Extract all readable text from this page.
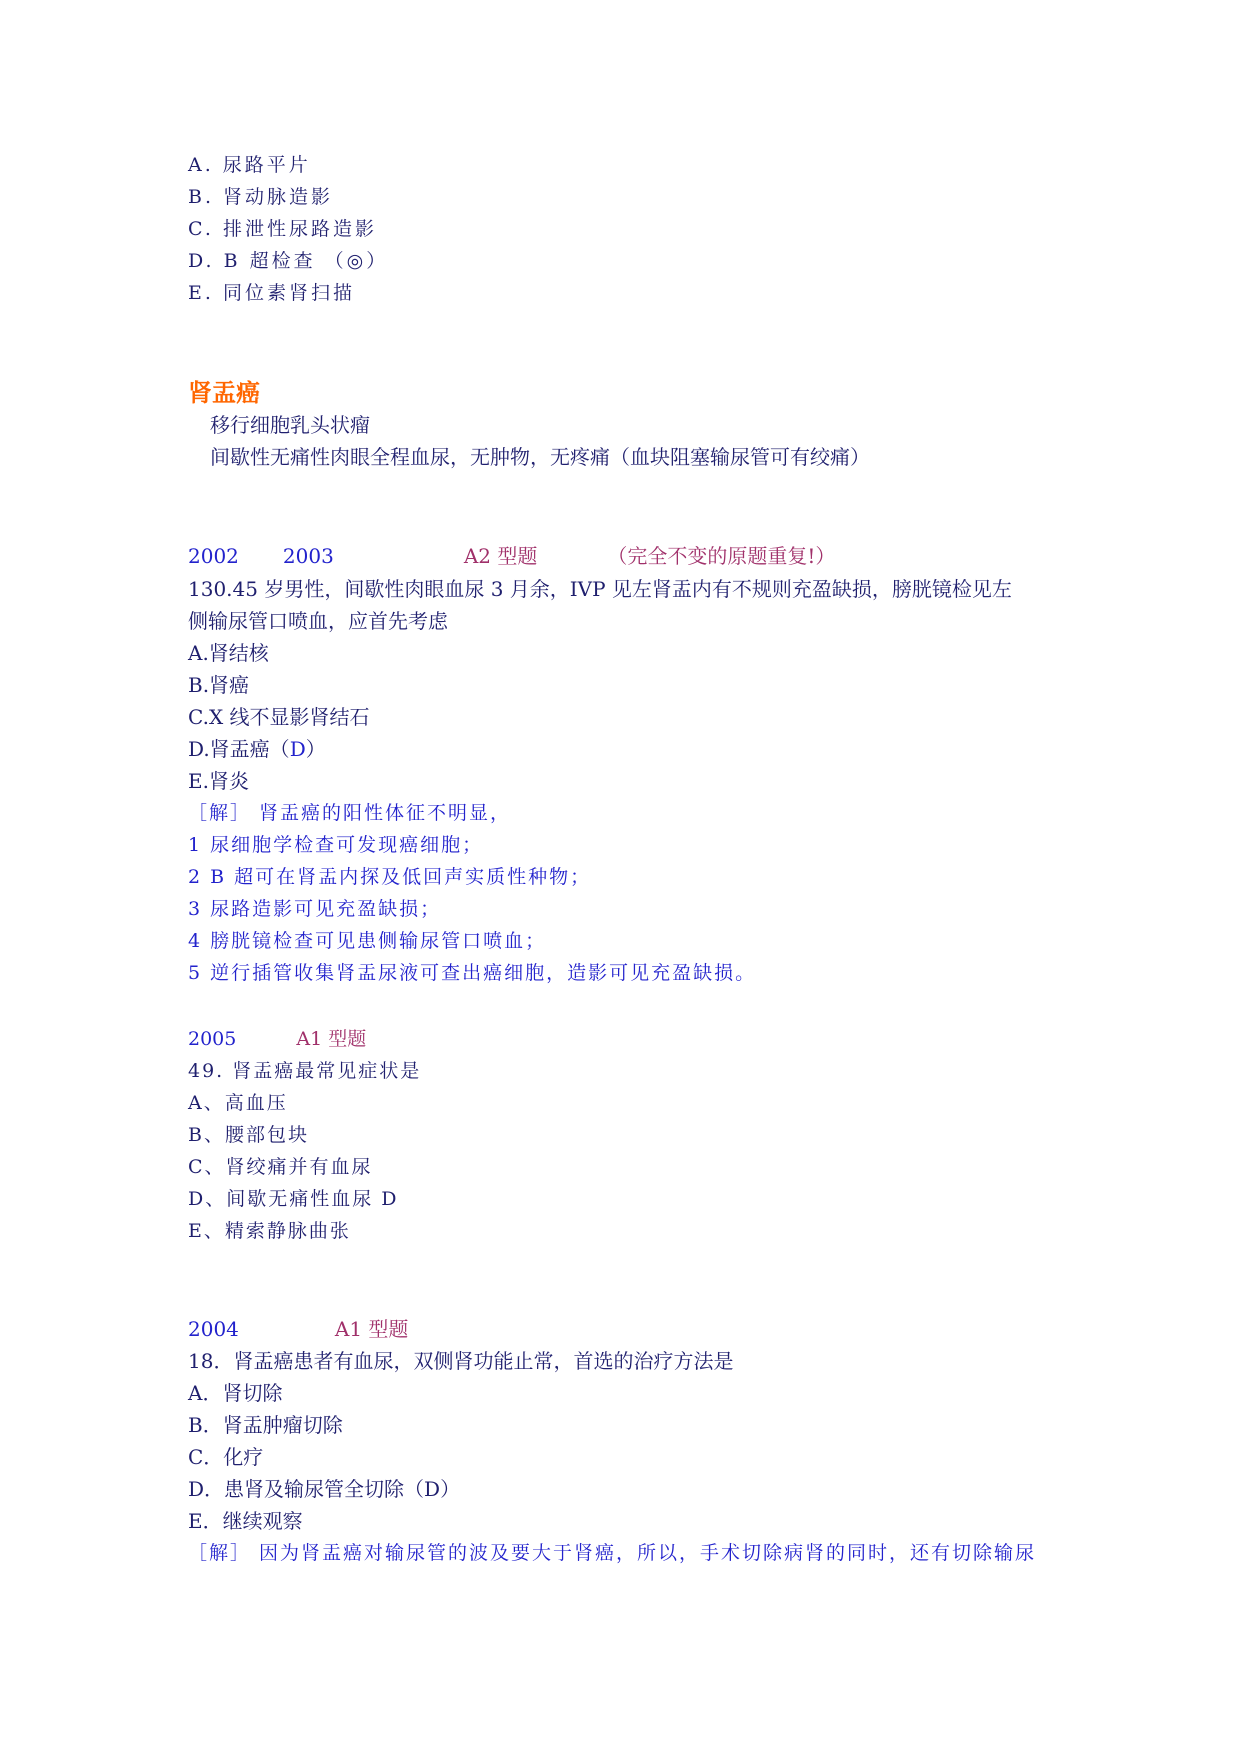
A. 尿路平片
B. 肾动脉造影
C. 排泄性尿路造影
D. B 超检查 （◎）
E. 同位素肾扫描
肾盂癌
移行细胞乳头状瘤
间歇性无痛性肉眼全程血尿，无肿物，无疼痛（血块阻塞输尿管可有绞痛）
2002 2003	A2 型题	（完全不变的原题重复!）
130.45 岁男性，间歇性肉眼血尿 3 月余，IVP 见左肾盂内有不规则充盈缺损，膀胱镜检见左
侧输尿管口喷血，应首先考虑
A.肾结核
B.肾癌
C.X 线不显影肾结石
D.肾盂癌（D）
E.肾炎
［解］ 肾盂癌的阳性体征不明显，
1 尿细胞学检查可发现癌细胞；
2 B 超可在肾盂内探及低回声实质性种物；
3 尿路造影可见充盈缺损；
4 膀胱镜检查可见患侧输尿管口喷血；
5 逆行插管收集肾盂尿液可查出癌细胞，造影可见充盈缺损。
2005	A1 型题
49. 肾盂癌最常见症状是
A、高血压
B、腰部包块
C、肾绞痛并有血尿
D、间歇无痛性血尿 D
E、精索静脉曲张
2004	A1 型题
18．肾盂癌患者有血尿，双侧肾功能止常，首选的治疗方法是
A．肾切除
B．肾盂肿瘤切除
C．化疗
D．患肾及输尿管全切除（D）
E．继续观察
［解］ 因为肾盂癌对输尿管的波及要大于肾癌，所以，手术切除病肾的同时，还有切除输尿
